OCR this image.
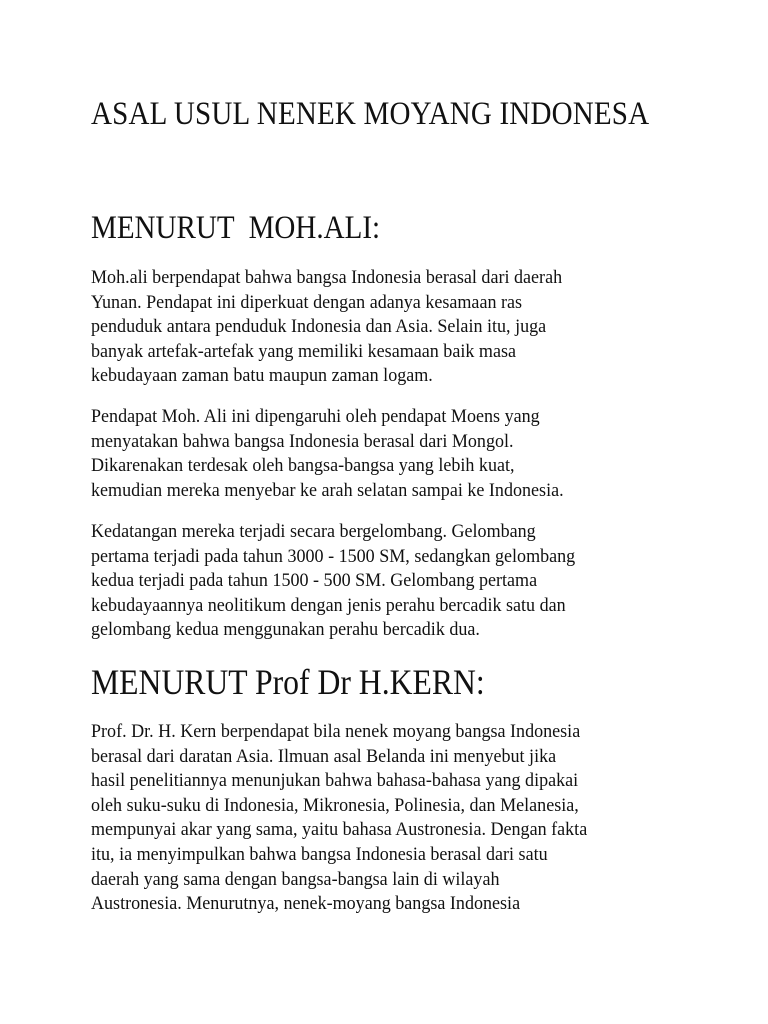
ASAL USUL NENEK MOYANG INDONESA
MENURUT  MOH.ALI:
Moh.ali berpendapat bahwa bangsa Indonesia berasal dari daerah
Yunan. Pendapat ini diperkuat dengan adanya kesamaan ras
penduduk antara penduduk Indonesia dan Asia. Selain itu, juga
banyak artefak-artefak yang memiliki kesamaan baik masa
kebudayaan zaman batu maupun zaman logam.
Pendapat Moh. Ali ini dipengaruhi oleh pendapat Moens yang
menyatakan bahwa bangsa Indonesia berasal dari Mongol.
Dikarenakan terdesak oleh bangsa-bangsa yang lebih kuat,
kemudian mereka menyebar ke arah selatan sampai ke Indonesia.
Kedatangan mereka terjadi secara bergelombang. Gelombang
pertama terjadi pada tahun 3000 - 1500 SM, sedangkan gelombang
kedua terjadi pada tahun 1500 - 500 SM. Gelombang pertama
kebudayaannya neolitikum dengan jenis perahu bercadik satu dan
gelombang kedua menggunakan perahu bercadik dua.
MENURUT Prof Dr H.KERN:
Prof. Dr. H. Kern berpendapat bila nenek moyang bangsa Indonesia
berasal dari daratan Asia. Ilmuan asal Belanda ini menyebut jika
hasil penelitiannya menunjukan bahwa bahasa-bahasa yang dipakai
oleh suku-suku di Indonesia, Mikronesia, Polinesia, dan Melanesia,
mempunyai akar yang sama, yaitu bahasa Austronesia. Dengan fakta
itu, ia menyimpulkan bahwa bangsa Indonesia berasal dari satu
daerah yang sama dengan bangsa-bangsa lain di wilayah
Austronesia. Menurutnya, nenek-moyang bangsa Indonesia
